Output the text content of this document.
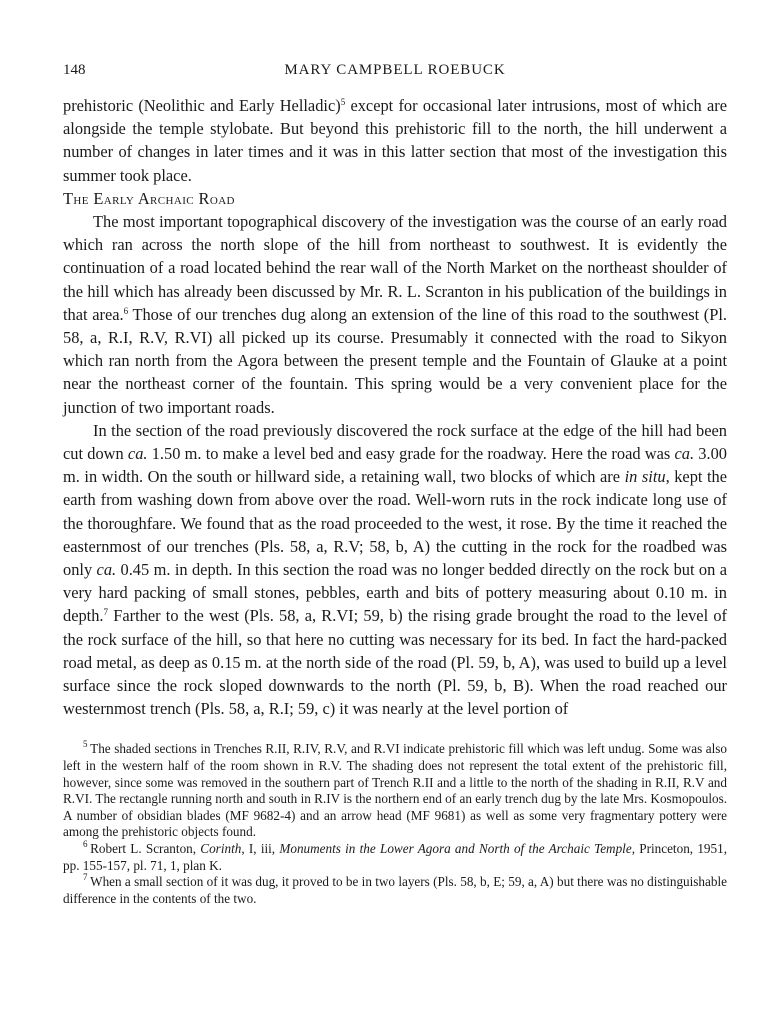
148	MARY CAMPBELL ROEBUCK

prehistoric (Neolithic and Early Helladic)$^5$ except for occasional later intrusions, most of which are alongside the temple stylobate. But beyond this prehistoric fill to the north, the hill underwent a number of changes in later times and it was in this latter section that most of the investigation this summer took place.

The Early Archaic Road

The most important topographical discovery of the investigation was the course of an early road which ran across the north slope of the hill from northeast to southwest. It is evidently the continuation of a road located behind the rear wall of the North Market on the northeast shoulder of the hill which has already been discussed by Mr. R. L. Scranton in his publication of the buildings in that area.$^6$ Those of our trenches dug along an extension of the line of this road to the southwest (Pl. 58, a, R.I, R.V, R.VI) all picked up its course. Presumably it connected with the road to Sikyon which ran north from the Agora between the present temple and the Fountain of Glauke at a point near the northeast corner of the fountain. This spring would be a very convenient place for the junction of two important roads.

In the section of the road previously discovered the rock surface at the edge of the hill had been cut down ca. 1.50 m. to make a level bed and easy grade for the roadway. Here the road was ca. 3.00 m. in width. On the south or hillward side, a retaining wall, two blocks of which are in situ, kept the earth from washing down from above over the road. Well-worn ruts in the rock indicate long use of the thoroughfare. We found that as the road proceeded to the west, it rose. By the time it reached the easternmost of our trenches (Pls. 58, a, R.V; 58, b, A) the cutting in the rock for the roadbed was only ca. 0.45 m. in depth. In this section the road was no longer bedded directly on the rock but on a very hard packing of small stones, pebbles, earth and bits of pottery measuring about 0.10 m. in depth.$^7$ Farther to the west (Pls. 58, a, R.VI; 59, b) the rising grade brought the road to the level of the rock surface of the hill, so that here no cutting was necessary for its bed. In fact the hard-packed road metal, as deep as 0.15 m. at the north side of the road (Pl. 59, b, A), was used to build up a level surface since the rock sloped downwards to the north (Pl. 59, b, B). When the road reached our westernmost trench (Pls. 58, a, R.I; 59, c) it was nearly at the level portion of

$^5$  The shaded sections in Trenches R.II, R.IV, R.V, and R.VI indicate prehistoric fill which was left undug. Some was also left in the western half of the room shown in R.V. The shading does not represent the total extent of the prehistoric fill, however, since some was removed in the southern part of Trench R.II and a little to the north of the shading in R.II, R.V and R.VI. The rectangle running north and south in R.IV is the northern end of an early trench dug by the late Mrs. Kosmopoulos. A number of obsidian blades (MF 9682-4) and an arrow head (MF 9681) as well as some very fragmentary pottery were among the prehistoric objects found.

$^6$  Robert L. Scranton, Corinth, I, iii, Monuments in the Lower Agora and North of the Archaic Temple, Princeton, 1951, pp. 155-157, pl. 71, 1, plan K.

$^7$  When a small section of it was dug, it proved to be in two layers (Pls. 58, b, E; 59, a, A) but there was no distinguishable difference in the contents of the two.
